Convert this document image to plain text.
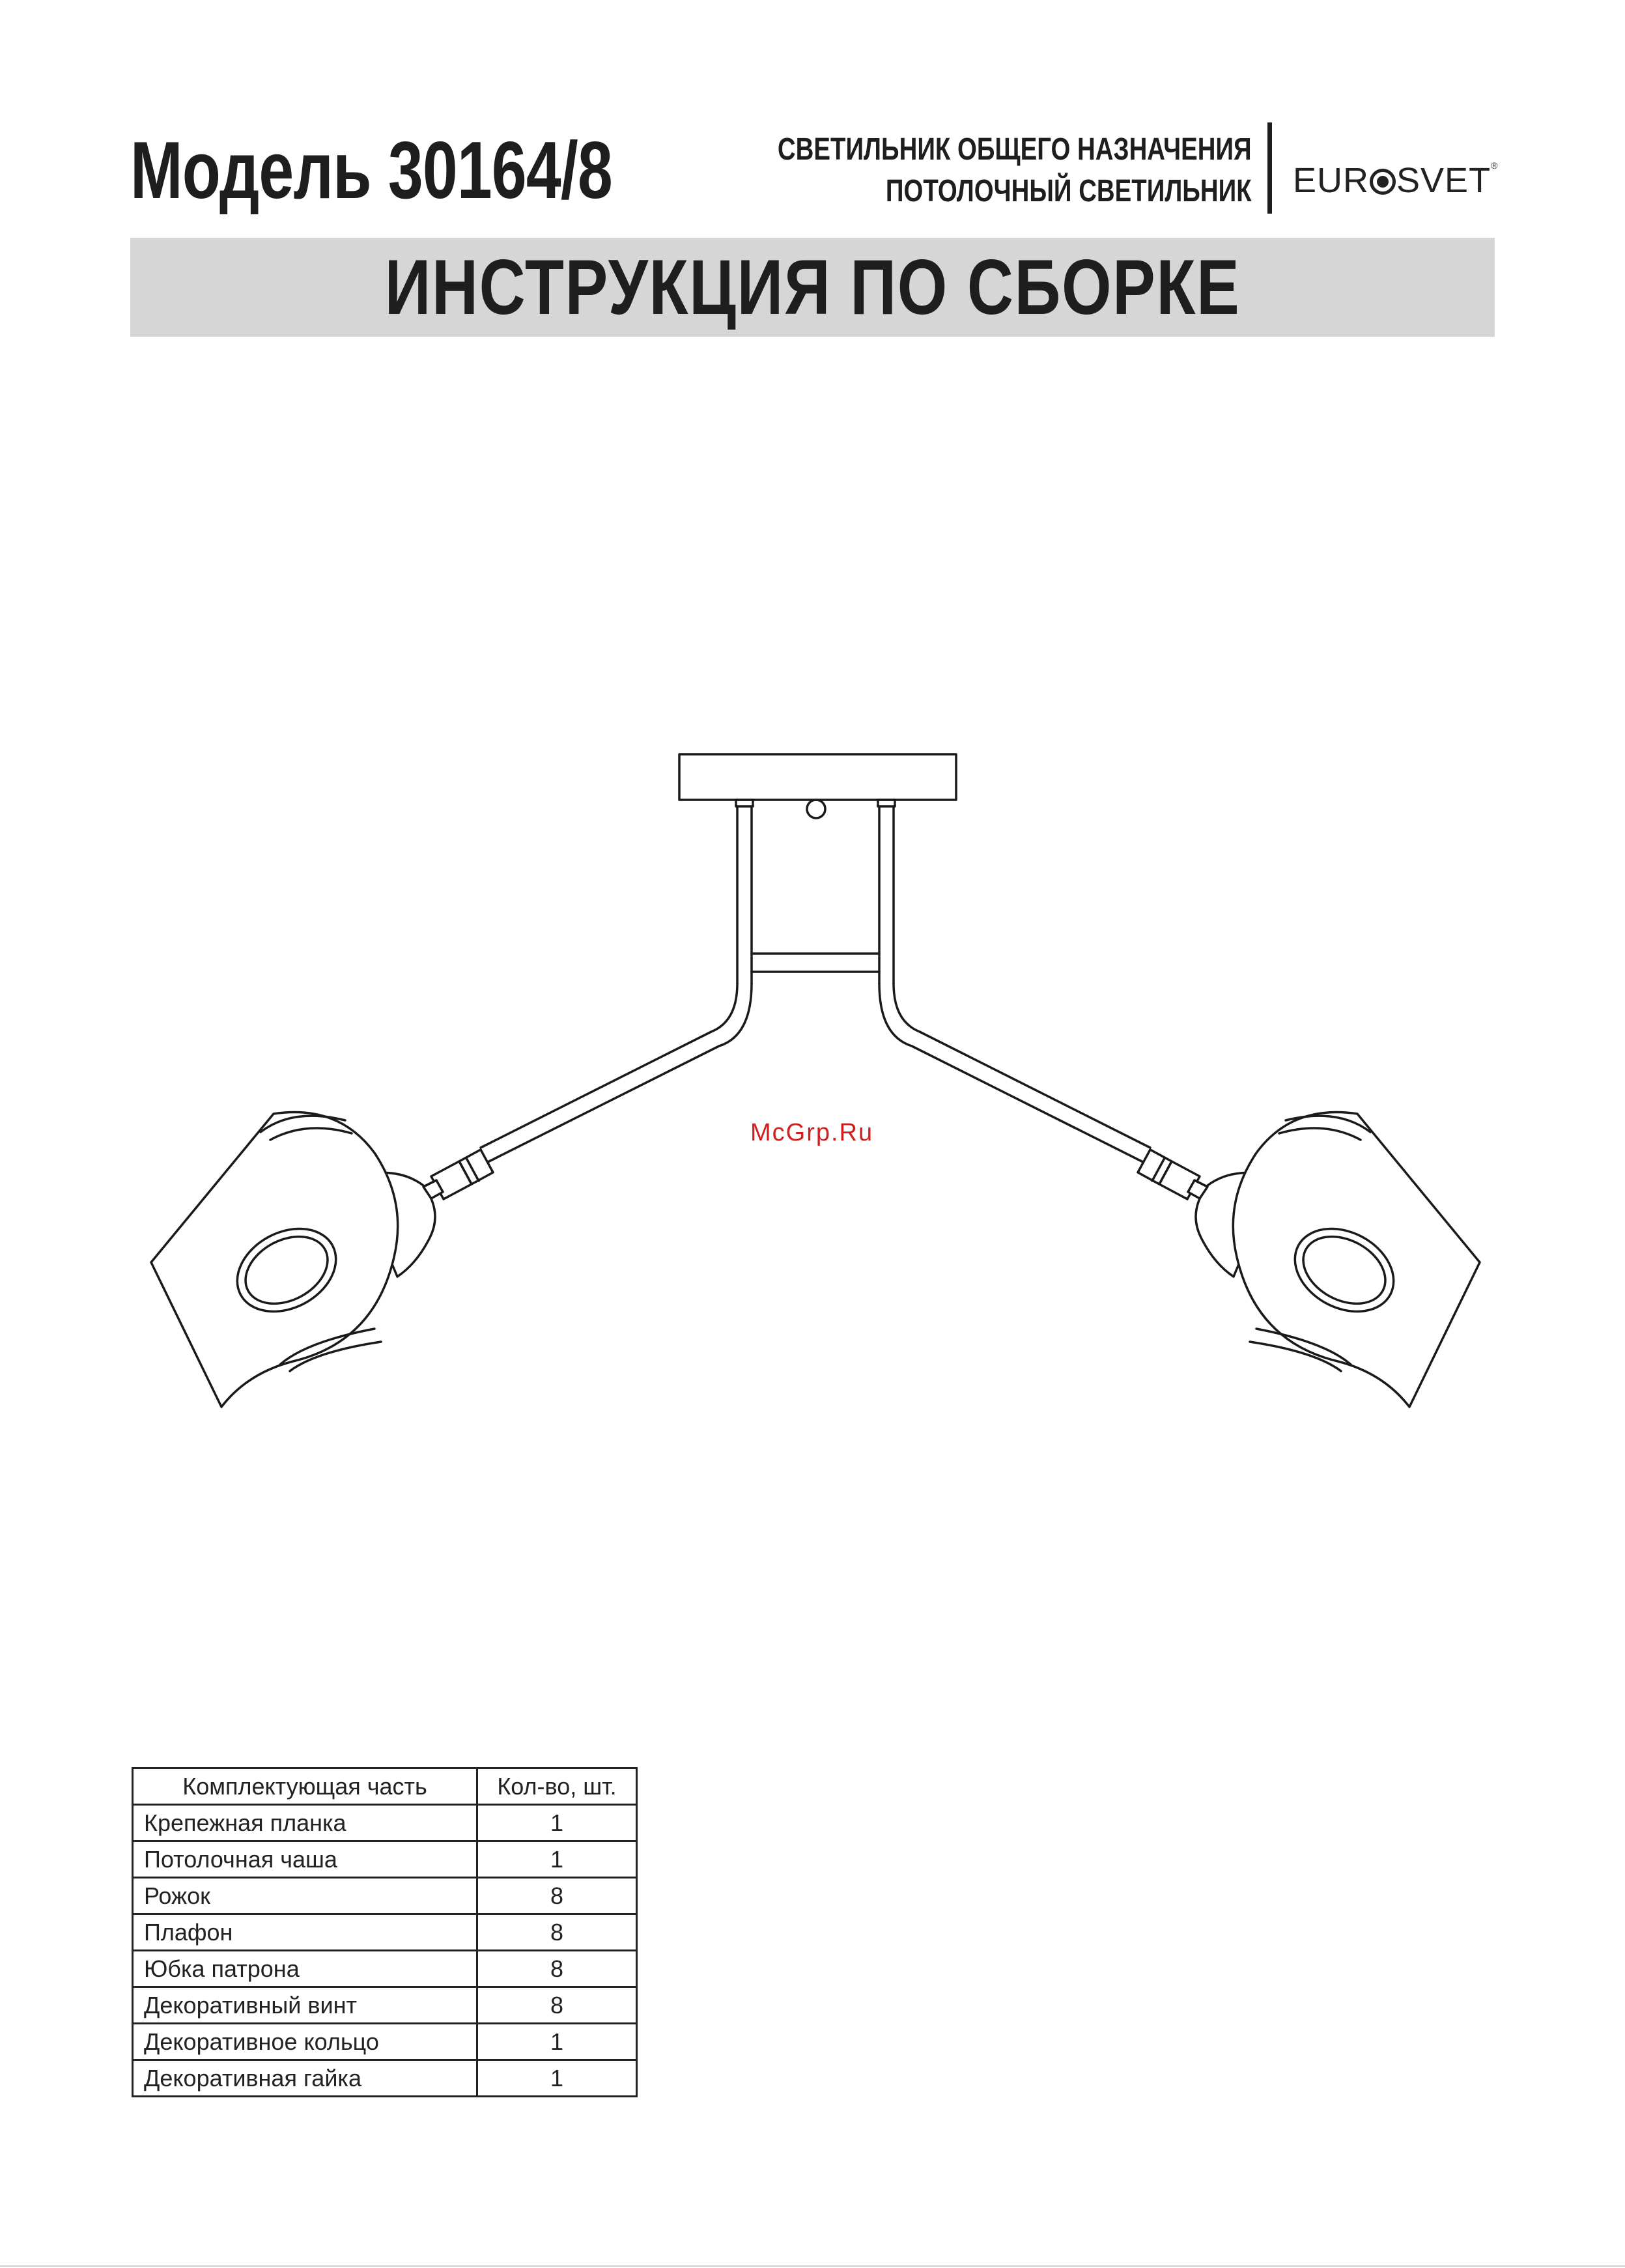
Модель 30164/8	СВЕТИЛЬНИК ОБЩЕГО НАЗНАЧЕНИЯ
ПОТОЛОЧНЫЙ СВЕТИЛЬНИК EUR SVET®
ИНСТРУКЦИЯ ПО СБОРКЕ
McGrp.Ru
Комплектующая часть	Кол-во, шт.
Крепежная планка	1
Потолочная чаша	1
Рожок	8
Плафон	8
Юбка патрона	8
Декоративный винт	8
Декоративное кольцо	1
Декоративная гайка	1
